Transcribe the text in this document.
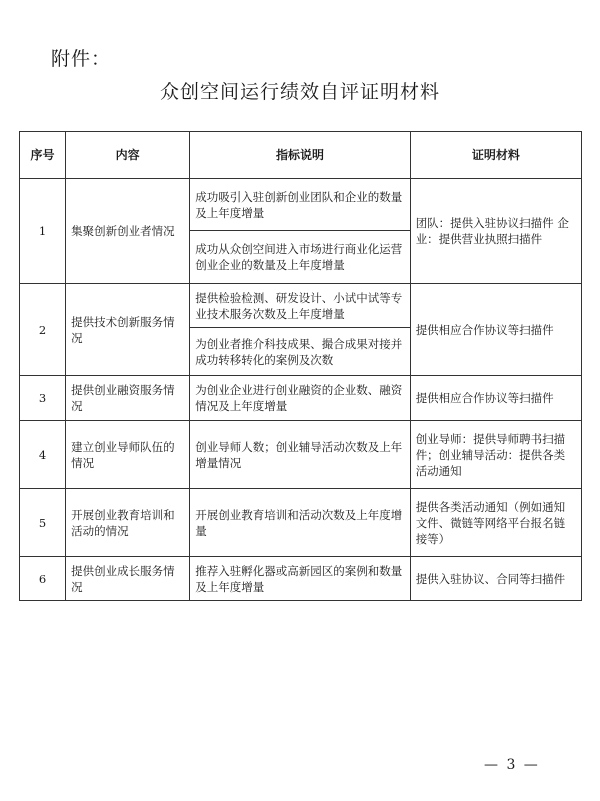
附件：
众创空间运行绩效自评证明材料
序号	内容	指标说明	证明材料
1	集聚创新创业者情况	成功吸引入驻创新创业团队和企业的数量及上年度增量	团队：提供入驻协议扫描件 企业：提供营业执照扫描件
		成功从众创空间进入市场进行商业化运营创业企业的数量及上年度增量	
2	提供技术创新服务情况	提供检验检测、研发设计、小试中试等专业技术服务次数及上年度增量	提供相应合作协议等扫描件
		为创业者推介科技成果、撮合成果对接并成功转移转化的案例及次数	
3	提供创业融资服务情况	为创业企业进行创业融资的企业数、融资情况及上年度增量	提供相应合作协议等扫描件
4	建立创业导师队伍的情况	创业导师人数；创业辅导活动次数及上年增量情况	创业导师：提供导师聘书扫描件；创业辅导活动：提供各类活动通知
5	开展创业教育培训和活动的情况	开展创业教育培训和活动次数及上年度增量	提供各类活动通知（例如通知文件、微链等网络平台报名链接等）
6	提供创业成长服务情况	推荐入驻孵化器或高新园区的案例和数量及上年度增量	提供入驻协议、合同等扫描件
— 3 —
